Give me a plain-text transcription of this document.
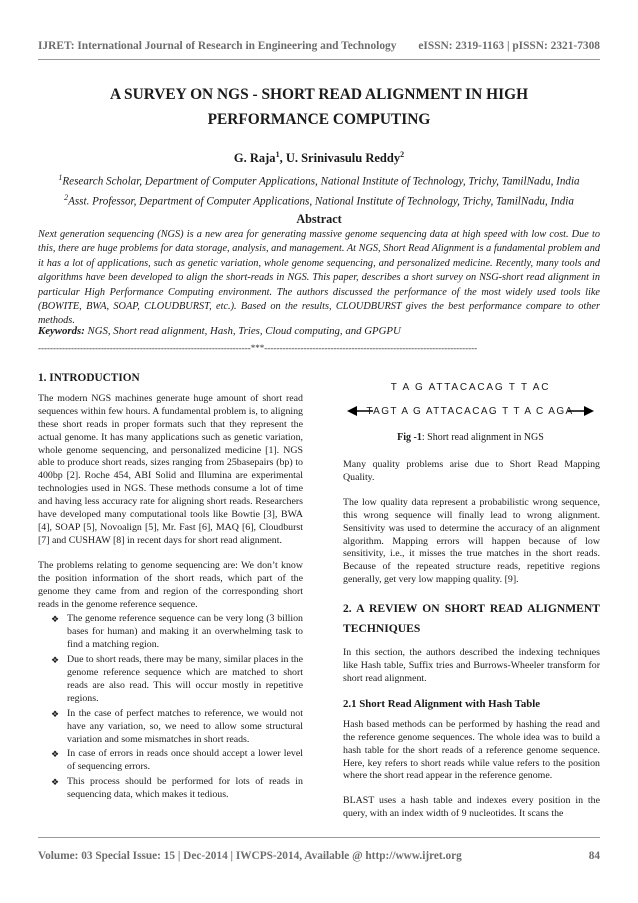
IJRET: International Journal of Research in Engineering and Technology eISSN: 2319-1163 | pISSN: 2321-7308
A SURVEY ON NGS - SHORT READ ALIGNMENT IN HIGH
PERFORMANCE COMPUTING
G. Raja$^1$, U. Srinivasulu Reddy$^2$
$^1$Research Scholar, Department of Computer Applications, National Institute of Technology, Trichy, TamilNadu, India
$^2$Asst. Professor, Department of Computer Applications, National Institute of Technology, Trichy, TamilNadu, India
Abstract
Next generation sequencing (NGS) is a new area for generating massive genome sequencing data at high speed with low cost. Due to this, there are huge problems for data storage, analysis, and management. At NGS, Short Read Alignment is a fundamental problem and it has a lot of applications, such as genetic variation, whole genome sequencing, and personalized medicine. Recently, many tools and algorithms have been developed to align the short-reads in NGS. This paper, describes a short survey on NSG-short read alignment in particular High Performance Computing environment. The authors discussed the performance of the most widely used tools like (BOWITE, BWA, SOAP, CLOUDBURST, etc.). Based on the results, CLOUDBURST gives the best performance compare to other methods.
Keywords: NGS, Short read alignment, Hash, Tries, Cloud computing, and GPGPU
-----------------------------------------------------------------------***-----------------------------------------------------------------------
1. INTRODUCTION

The modern NGS machines generate huge amount of short read sequences within few hours. A fundamental problem is, to aligning these short reads in proper formats such that they represent the actual genome. It has many applications such as genetic variation, whole genome sequencing, and personalized medicine [1]. NGS able to produce short reads, sizes ranging from 25basepairs (bp) to 400bp [2]. Roche 454, ABI Solid and Illumina are experimental technologies used in NGS. These methods consume a lot of time and having less accuracy rate for aligning short reads. Researchers have developed many computational tools like Bowtie [3], BWA [4], SOAP [5], Novoalign [5], Mr. Fast [6], MAQ [6], Cloudburst [7] and CUSHAW [8] in recent days for short read alignment.

The problems relating to genome sequencing are: We don’t know the position information of the short reads, which part of the genome they came from and region of the corresponding short reads in the genome reference sequence.

❖ The genome reference sequence can be very long (3 billion bases for human) and making it an overwhelming task to find a matching region.
❖ Due to short reads, there may be many, similar places in the genome reference sequence which are matched to short reads are also read. This will occur mostly in repetitive regions.
❖ In the case of perfect matches to reference, we would not have any variation, so, we need to allow some structural variation and some mismatches in short reads.
❖ In case of errors in reads once should accept a lower level of sequencing errors.
❖ This process should be performed for lots of reads in sequencing data, which makes it tedious.
T A G ATTACACAG T T AC
TAGT A G ATTACACAG T T A C AGA
Fig -1: Short read alignment in NGS

Many quality problems arise due to Short Read Mapping Quality.

The low quality data represent a probabilistic wrong sequence, this wrong sequence will finally lead to wrong alignment. Sensitivity was used to determine the accuracy of an alignment algorithm. Mapping errors will happen because of low sensitivity, i.e., it misses the true matches in the short reads. Because of the repeated structure reads, repetitive regions generally, get very low mapping quality. [9].

2. A REVIEW ON SHORT READ ALIGNMENT TECHNIQUES

In this section, the authors described the indexing techniques like Hash table, Suffix tries and Burrows-Wheeler transform for short read alignment.

2.1 Short Read Alignment with Hash Table

Hash based methods can be performed by hashing the read and the reference genome sequences. The whole idea was to build a hash table for the short reads of a reference genome sequence. Here, key refers to short reads while value refers to the position where the short read appear in the reference genome.

BLAST uses a hash table and indexes every position in the query, with an index width of 9 nucleotides. It scans the

Volume: 03 Special Issue: 15 | Dec-2014 | IWCPS-2014, Available @ http://www.ijret.org	84
